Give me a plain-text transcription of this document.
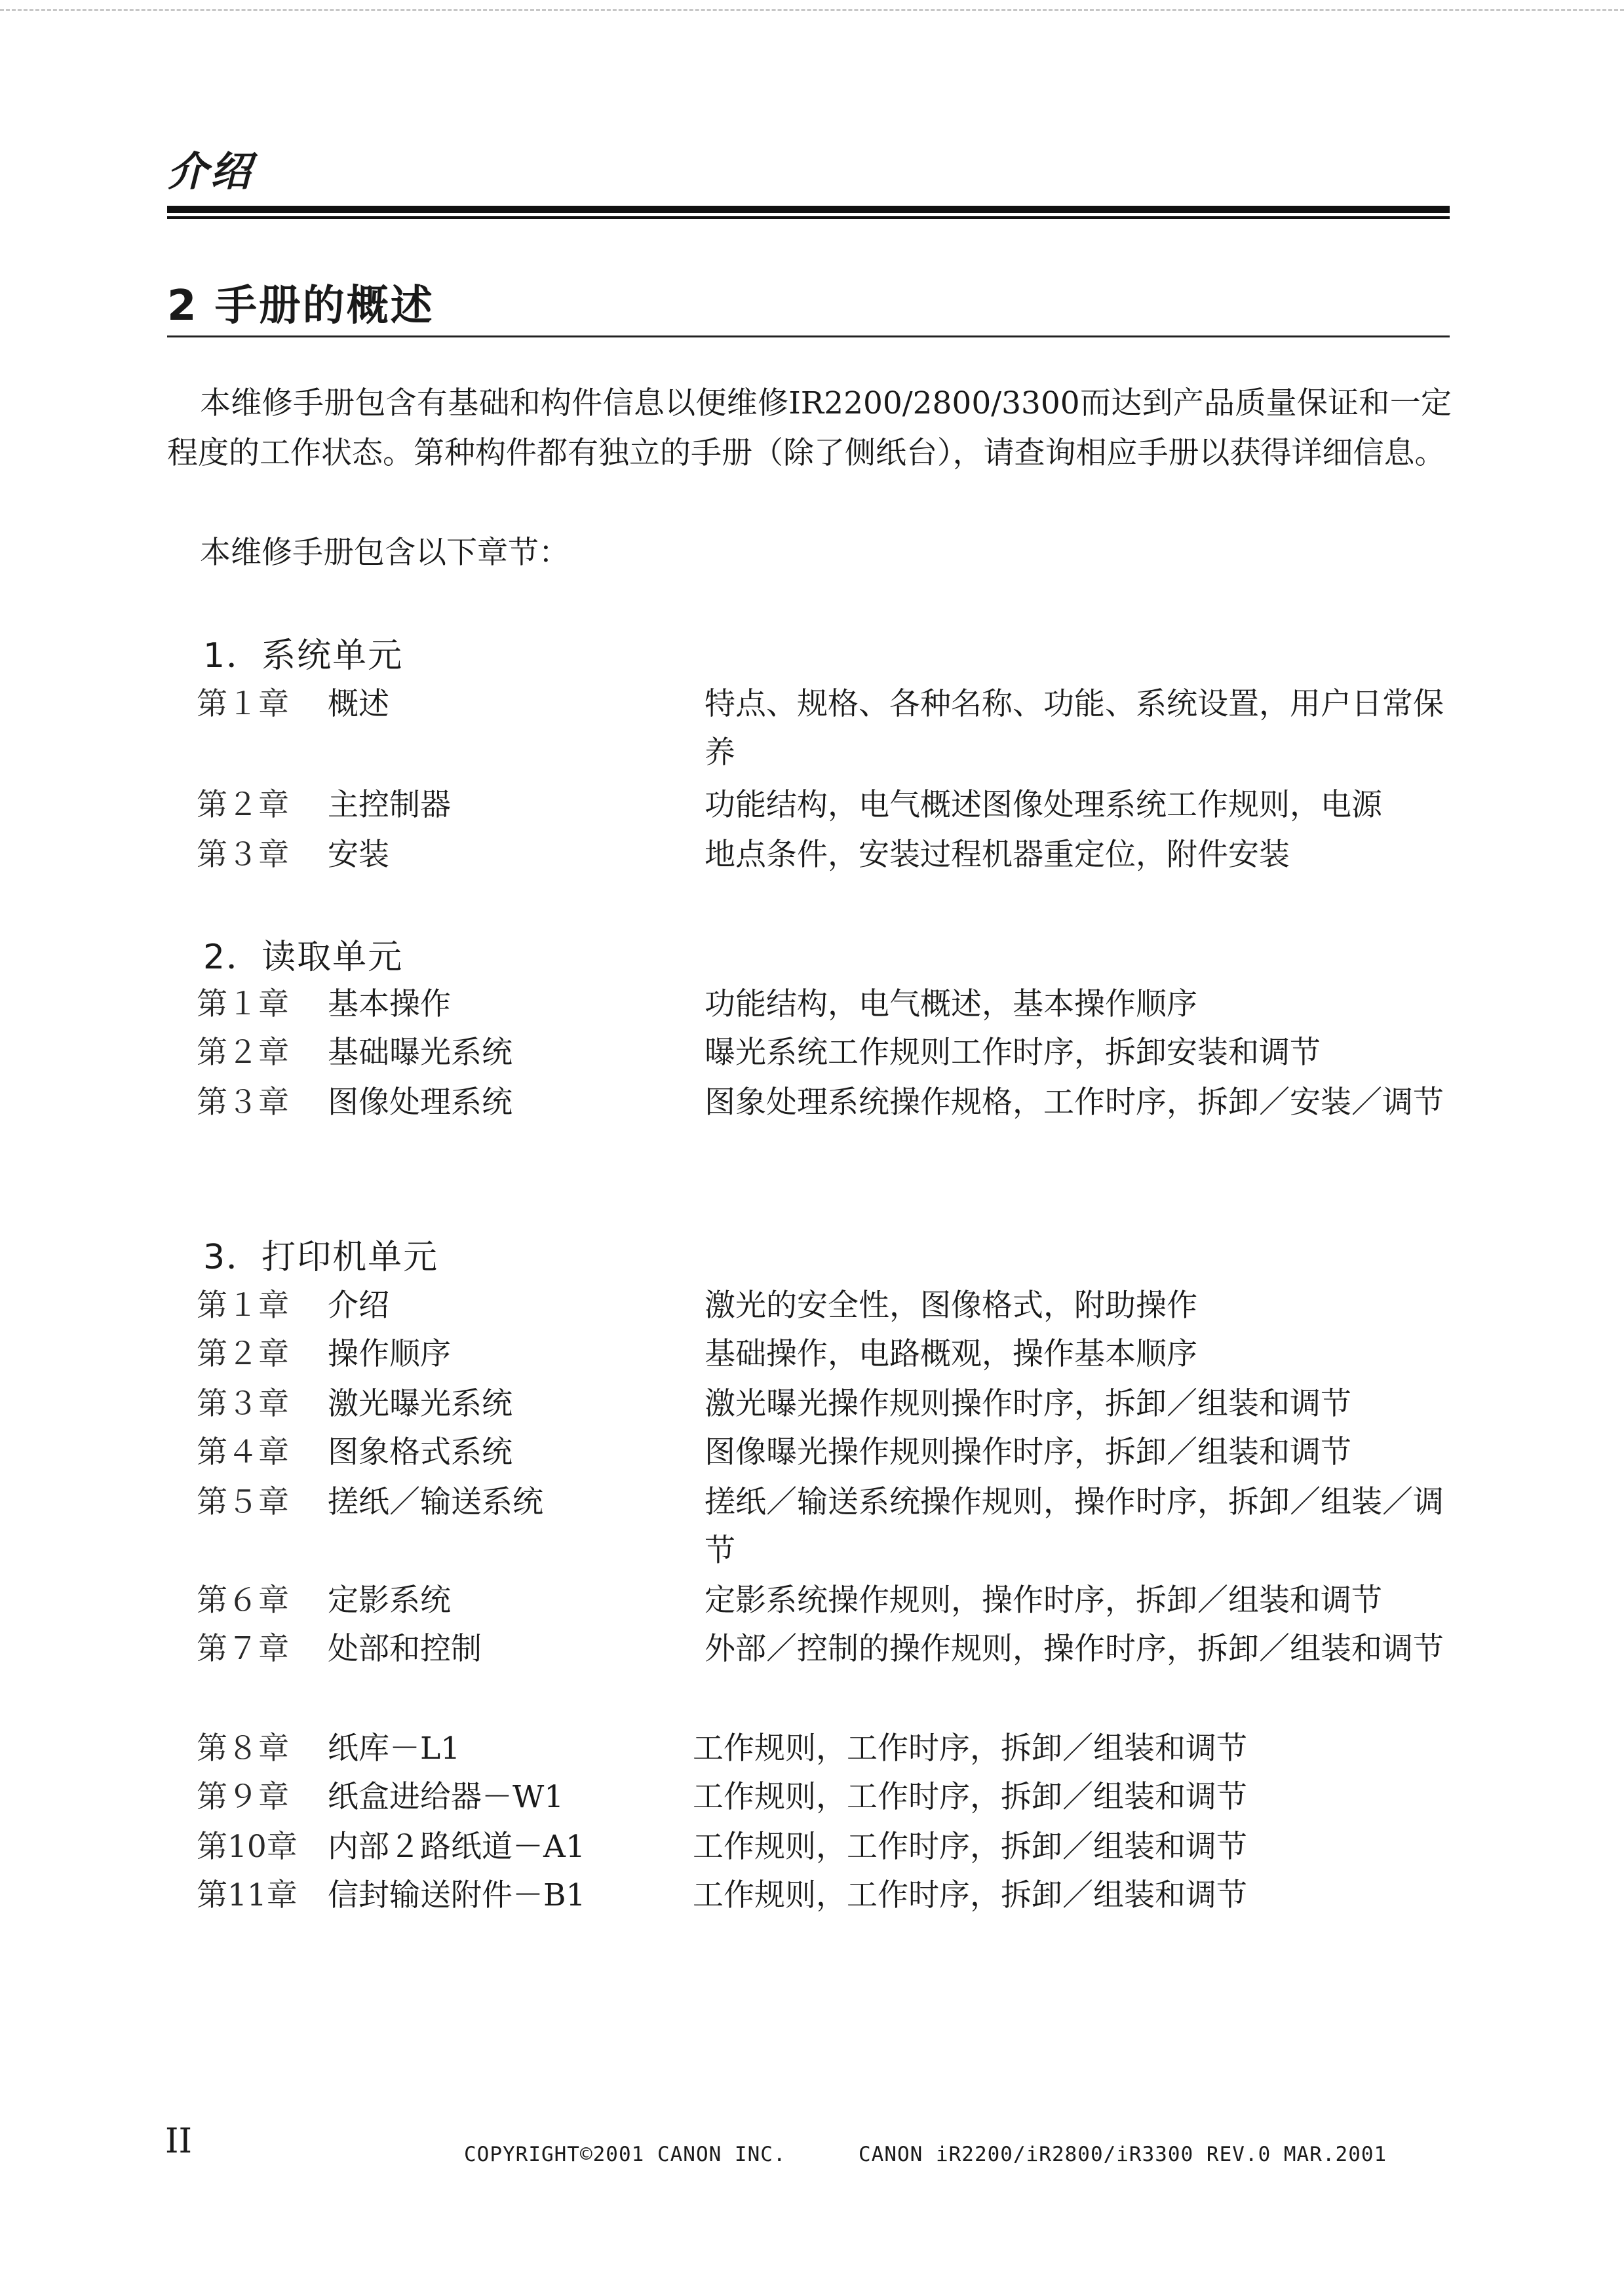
介绍
2 手册的概述

本维修手册包含有基础和构件信息以便维修IR2200/2800/3300而达到产品质量保证和一定程度的工作状态。第种构件都有独立的手册（除了侧纸台），请查询相应手册以获得详细信息。

本维修手册包含以下章节：
1．系统单元
第１章 概述	特点、规格、各种名称、功能、系统设置，用户日常保养
第２章 主控制器	功能结构，电气概述图像处理系统工作规则，电源
第３章 安装	地点条件，安装过程机器重定位，附件安装
2．读取单元
第１章 基本操作	功能结构，电气概述，基本操作顺序
第２章 基础曝光系统	曝光系统工作规则工作时序，拆卸安装和调节
第３章 图像处理系统	图象处理系统操作规格，工作时序，拆卸／安装／调节
3．打印机单元
第１章 介绍	激光的安全性，图像格式，附助操作
第２章 操作顺序	基础操作，电路概观，操作基本顺序
第３章 激光曝光系统	激光曝光操作规则操作时序，拆卸／组装和调节
第４章 图象格式系统	图像曝光操作规则操作时序，拆卸／组装和调节
第５章 搓纸／输送系统	搓纸／输送系统操作规则，操作时序，拆卸／组装／调节
第６章 定影系统	定影系统操作规则，操作时序，拆卸／组装和调节
第７章 处部和控制	外部／控制的操作规则，操作时序，拆卸／组装和调节
第８章 纸库－L1	工作规则，工作时序，拆卸／组装和调节
第９章 纸盒进给器－W1	工作规则，工作时序，拆卸／组装和调节
第10章 内部２路纸道－A1	工作规则，工作时序，拆卸／组装和调节
第11章 信封输送附件－B1	工作规则，工作时序，拆卸／组装和调节
II	COPYRIGHT©2001 CANON INC.	CANON iR2200/iR2800/iR3300 REV.0 MAR.2001
